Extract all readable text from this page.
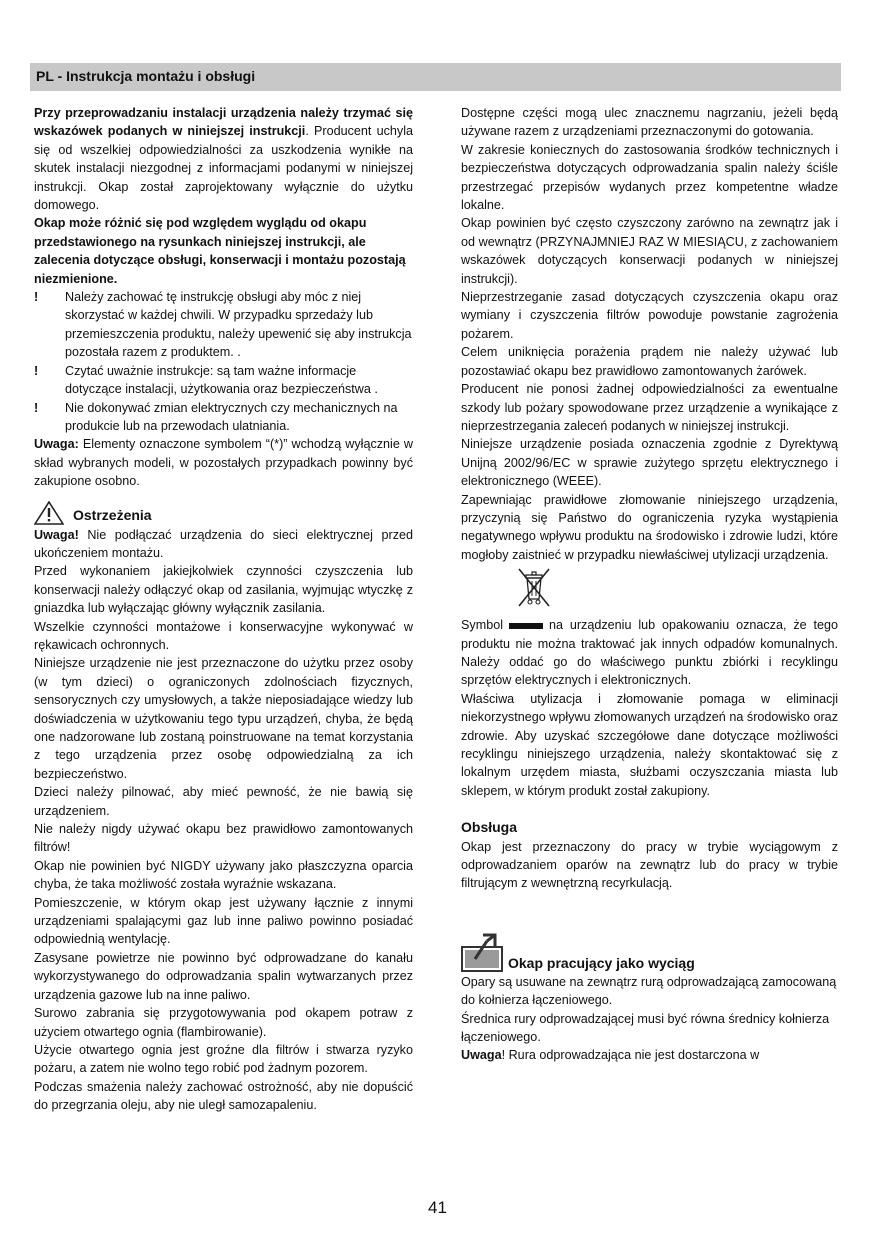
PL - Instrukcja montażu i obsługi

Przy przeprowadzaniu instalacji urządzenia należy trzymać się wskazówek podanych w niniejszej instrukcji. Producent uchyla się od wszelkiej odpowiedzialności za uszkodzenia wynikłe na skutek instalacji niezgodnej z informacjami podanymi w niniejszej instrukcji. Okap został zaprojektowany wyłącznie do użytku domowego.

Okap może różnić się pod względem wyglądu od okapu przedstawionego na rysunkach niniejszej instrukcji, ale zalecenia dotyczące obsługi, konserwacji i montażu pozostają niezmienione.

!	Należy zachować tę instrukcję obsługi aby móc z niej skorzystać w każdej chwili. W przypadku sprzedaży lub przemieszczenia produktu, należy upewenić się aby instrukcja pozostała razem z produktem. .
!	Czytać uważnie instrukcje: są tam ważne informacje dotyczące instalacji, użytkowania oraz bezpieczeństwa .
!	Nie dokonywać zmian elektrycznych czy mechanicznych na produkcie lub na przewodach ulatniania.

Uwaga: Elementy oznaczone symbolem “(*)” wchodzą wyłącznie w skład wybranych modeli, w pozostałych przypadkach powinny być zakupione osobno.

Ostrzeżenia

Uwaga! Nie podłączać urządzenia do sieci elektrycznej przed ukończeniem montażu.

Przed wykonaniem jakiejkolwiek czynności czyszczenia lub konserwacji należy odłączyć okap od zasilania, wyjmując wtyczkę z gniazdka lub wyłączając główny wyłącznik zasilania.

Wszelkie czynności montażowe i konserwacyjne wykonywać w rękawicach ochronnych.

Niniejsze urządzenie nie jest przeznaczone do użytku przez osoby (w tym dzieci) o ograniczonych zdolnościach fizycznych, sensorycznych czy umysłowych, a także nieposiadające wiedzy lub doświadczenia w użytkowaniu tego typu urządzeń, chyba, że będą one nadzorowane lub zostaną poinstruowane na temat korzystania z tego urządzenia przez osobę odpowiedzialną za ich bezpieczeństwo.

Dzieci należy pilnować, aby mieć pewność, że nie bawią się urządzeniem.

Nie należy nigdy używać okapu bez prawidłowo zamontowanych filtrów!

Okap nie powinien być NIGDY używany jako płaszczyzna oparcia chyba, że taka możliwość została wyraźnie wskazana.

Pomieszczenie, w którym okap jest używany łącznie z innymi urządzeniami spalającymi gaz lub inne paliwo powinno posiadać odpowiednią wentylację.

Zasysane powietrze nie powinno być odprowadzane do kanału wykorzystywanego do odprowadzania spalin wytwarzanych przez urządzenia gazowe lub na inne paliwo.

Surowo zabrania się przygotowywania pod okapem potraw z użyciem otwartego ognia (flambirowanie).

Użycie otwartego ognia jest groźne dla filtrów i stwarza ryzyko pożaru, a zatem nie wolno tego robić pod żadnym pozorem.

Podczas smażenia należy zachować ostrożność, aby nie dopuścić do przegrzania oleju, aby nie uległ samozapaleniu.

Dostępne części mogą ulec znacznemu nagrzaniu, jeżeli będą używane razem z urządzeniami przeznaczonymi do gotowania.

W zakresie koniecznych do zastosowania środków technicznych i bezpieczeństwa dotyczących odprowadzania spalin należy ściśle przestrzegać przepisów wydanych przez kompetentne władze lokalne.

Okap powinien być często czyszczony zarówno na zewnątrz jak i od wewnątrz (PRZYNAJMNIEJ RAZ W MIESIĄCU, z zachowaniem wskazówek dotyczących konserwacji podanych w niniejszej instrukcji).

Nieprzestrzeganie zasad dotyczących czyszczenia okapu oraz wymiany i czyszczenia filtrów powoduje powstanie zagrożenia pożarem.

Celem uniknięcia porażenia prądem nie należy używać lub pozostawiać okapu bez prawidłowo zamontowanych żarówek.

Producent nie ponosi żadnej odpowiedzialności za ewentualne szkody lub pożary spowodowane przez urządzenie a wynikające z nieprzestrzegania zaleceń podanych w niniejszej instrukcji.

Niniejsze urządzenie posiada oznaczenia zgodnie z Dyrektywą Unijną 2002/96/EC w sprawie zużytego sprzętu elektrycznego i elektronicznego (WEEE).

Zapewniając prawidłowe złomowanie niniejszego urządzenia, przyczynią się Państwo do ograniczenia ryzyka wystąpienia negatywnego wpływu produktu na środowisko i zdrowie ludzi, które mogłoby zaistnieć w przypadku niewłaściwej utylizacji urządzenia.

Symbol	na urządzeniu lub opakowaniu oznacza, że tego produktu nie można traktować jak innych odpadów komunalnych. Należy oddać go do właściwego punktu zbiórki i recyklingu sprzętów elektrycznych i elektronicznych.

Właściwa utylizacja i złomowanie pomaga w eliminacji niekorzystnego wpływu złomowanych urządzeń na środowisko oraz zdrowie. Aby uzyskać szczegółowe dane dotyczące możliwości recyklingu niniejszego urządzenia, należy skontaktować się z lokalnym urzędem miasta, służbami oczyszczania miasta lub sklepem, w którym produkt został zakupiony.

Obsługa

Okap jest przeznaczony do pracy w trybie wyciągowym z odprowadzaniem oparów na zewnątrz lub do pracy w trybie filtrującym z wewnętrzną recyrkulacją.

Okap pracujący jako wyciąg

Opary są usuwane na zewnątrz rurą odprowadzającą zamocowaną do kołnierza łączeniowego.

Średnica rury odprowadzającej musi być równa średnicy kołnierza łączeniowego.

Uwaga! Rura odprowadzająca nie jest dostarczona w

41
